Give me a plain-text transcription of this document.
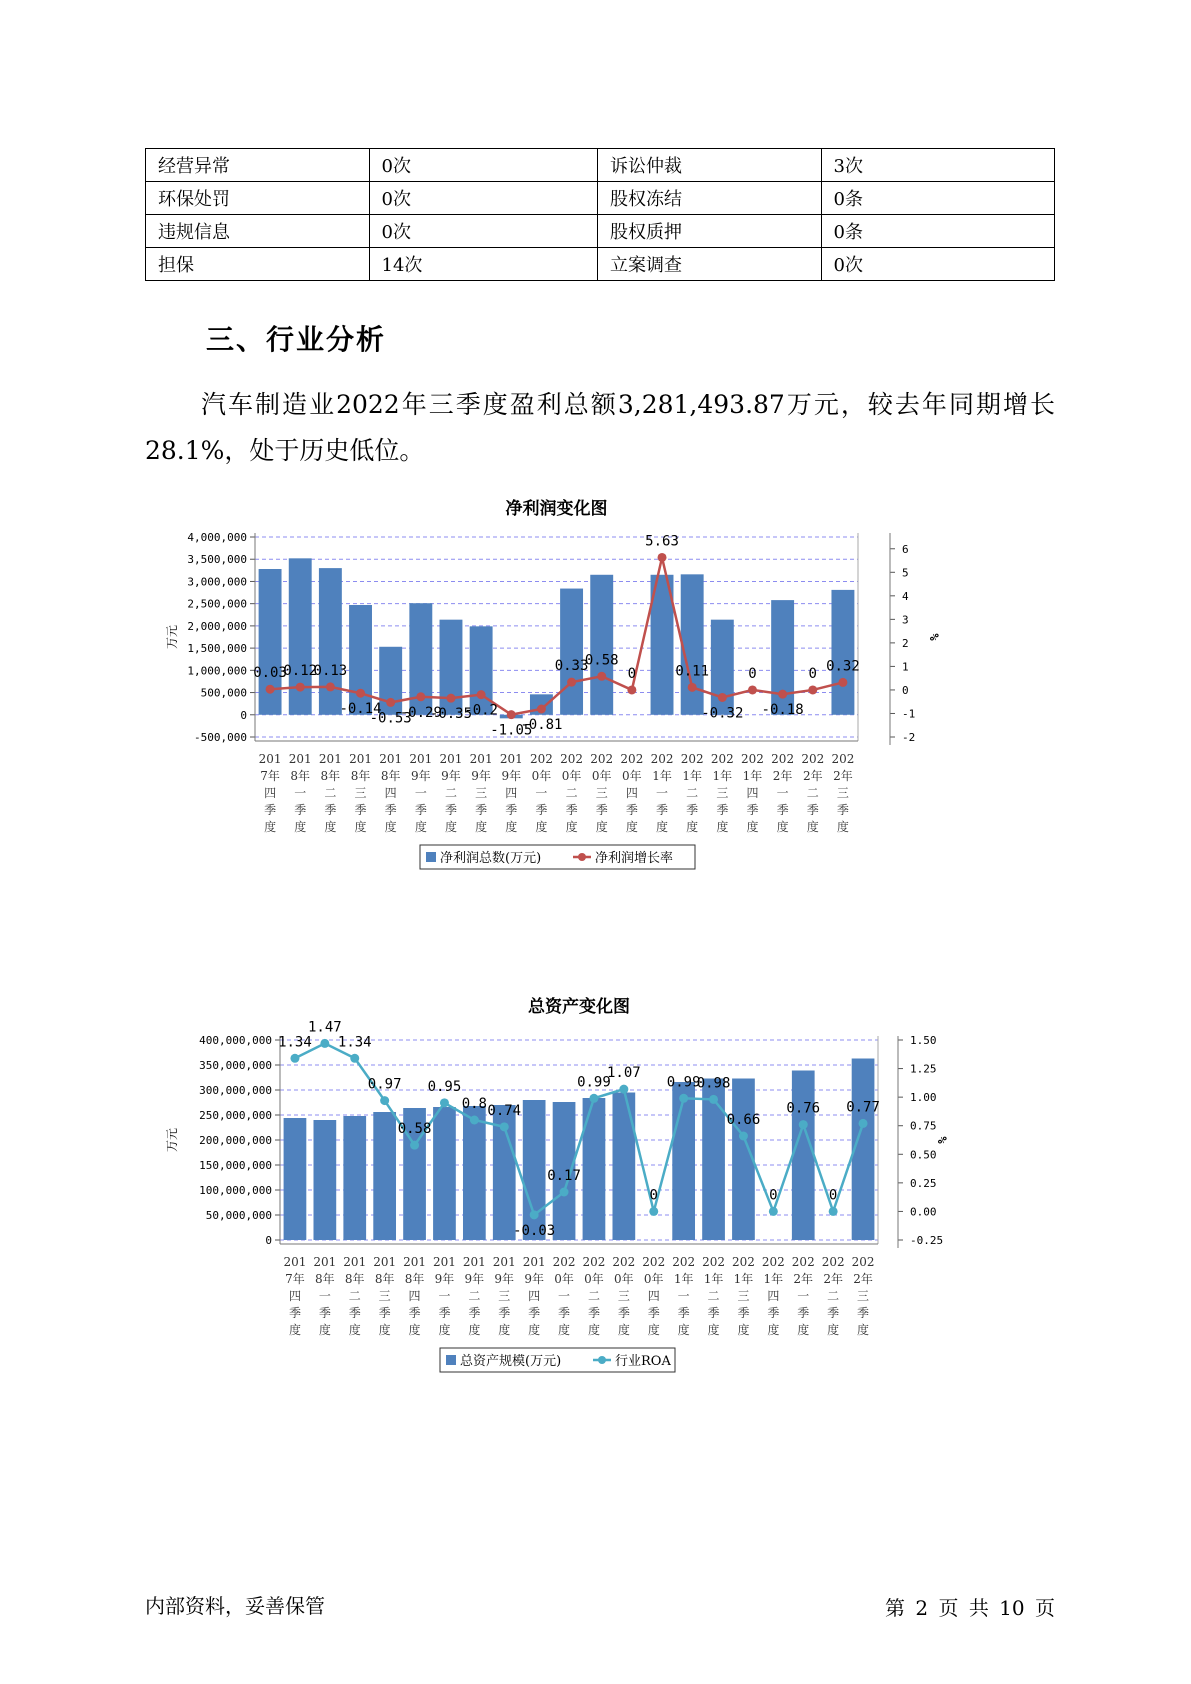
经营异常	0次	诉讼仲裁	3次
环保处罚	0次	股权冻结	0条
违规信息	0次	股权质押	0条
担保	14次	立案调查	0次
三、行业分析
汽车制造业2022年三季度盈利总额3,281,493.87万元，较去年同期增长28.1%，处于历史低位。
净利润变化图
4,000,000
3,500,000
3,000,000
2,500,000
2,000,000
1,500,000
1,000,000
500,000
0
-500,000
6
5
4
3
2
1
0
-1
-2
万元	%
0.03
0.12
0.13
-0.14
-0.53
-0.29
-0.35
-0.2
-1.05
-0.81
0.33
0.58
0
5.63
0.11
-0.32
0
-0.18
0 0.32
201
7年
四
季
度
201
8年
一
季
度
201
8年
二
季
度
201
8年
三
季
度
201
8年
四
季
度
201
9年
一
季
度
201
9年
二
季
度
201
9年
三
季
度
201
9年
四
季
度
202
0年
一
季
度
202
0年
二
季
度
202
0年
三
季
度
202
0年
四
季
度
202
1年
一
季
度
202
1年
二
季
度
202
1年
三
季
度
202
1年
四
季
度
202
2年
一
季
度
202
2年
二
季
度
202
2年
三
季
度
净利润总数(万元)	净利润增长率
总资产变化图
400,000,000
350,000,000
300,000,000
250,000,000
200,000,000
150,000,000
100,000,000
50,000,000
0
1.50
1.25
1.00
0.75
0.50
0.25
0.00
-0.25
万元	%
1.34
1.47
1.34
0.97
0.58
0.95
0.8 0.74
-0.03
0.17
0.99
1.07
0
0.99
0.98
0.66
0
0.76
0
0.77
201
7年
四
季
度
201
8年
一
季
度
201
8年
二
季
度
201
8年
三
季
度
201
8年
四
季
度
201
9年
一
季
度
201
9年
二
季
度
201
9年
三
季
度
201
9年
四
季
度
202
0年
一
季
度
202
0年
二
季
度
202
0年
三
季
度
202
0年
四
季
度
202
1年
一
季
度
202
1年
二
季
度
202
1年
三
季
度
202
1年
四
季
度
202
2年
一
季
度
202
2年
二
季
度
202
2年
三
季
度
总资产规模(万元)	行业ROA
内部资料，妥善保管	第 2 页 共 10 页
